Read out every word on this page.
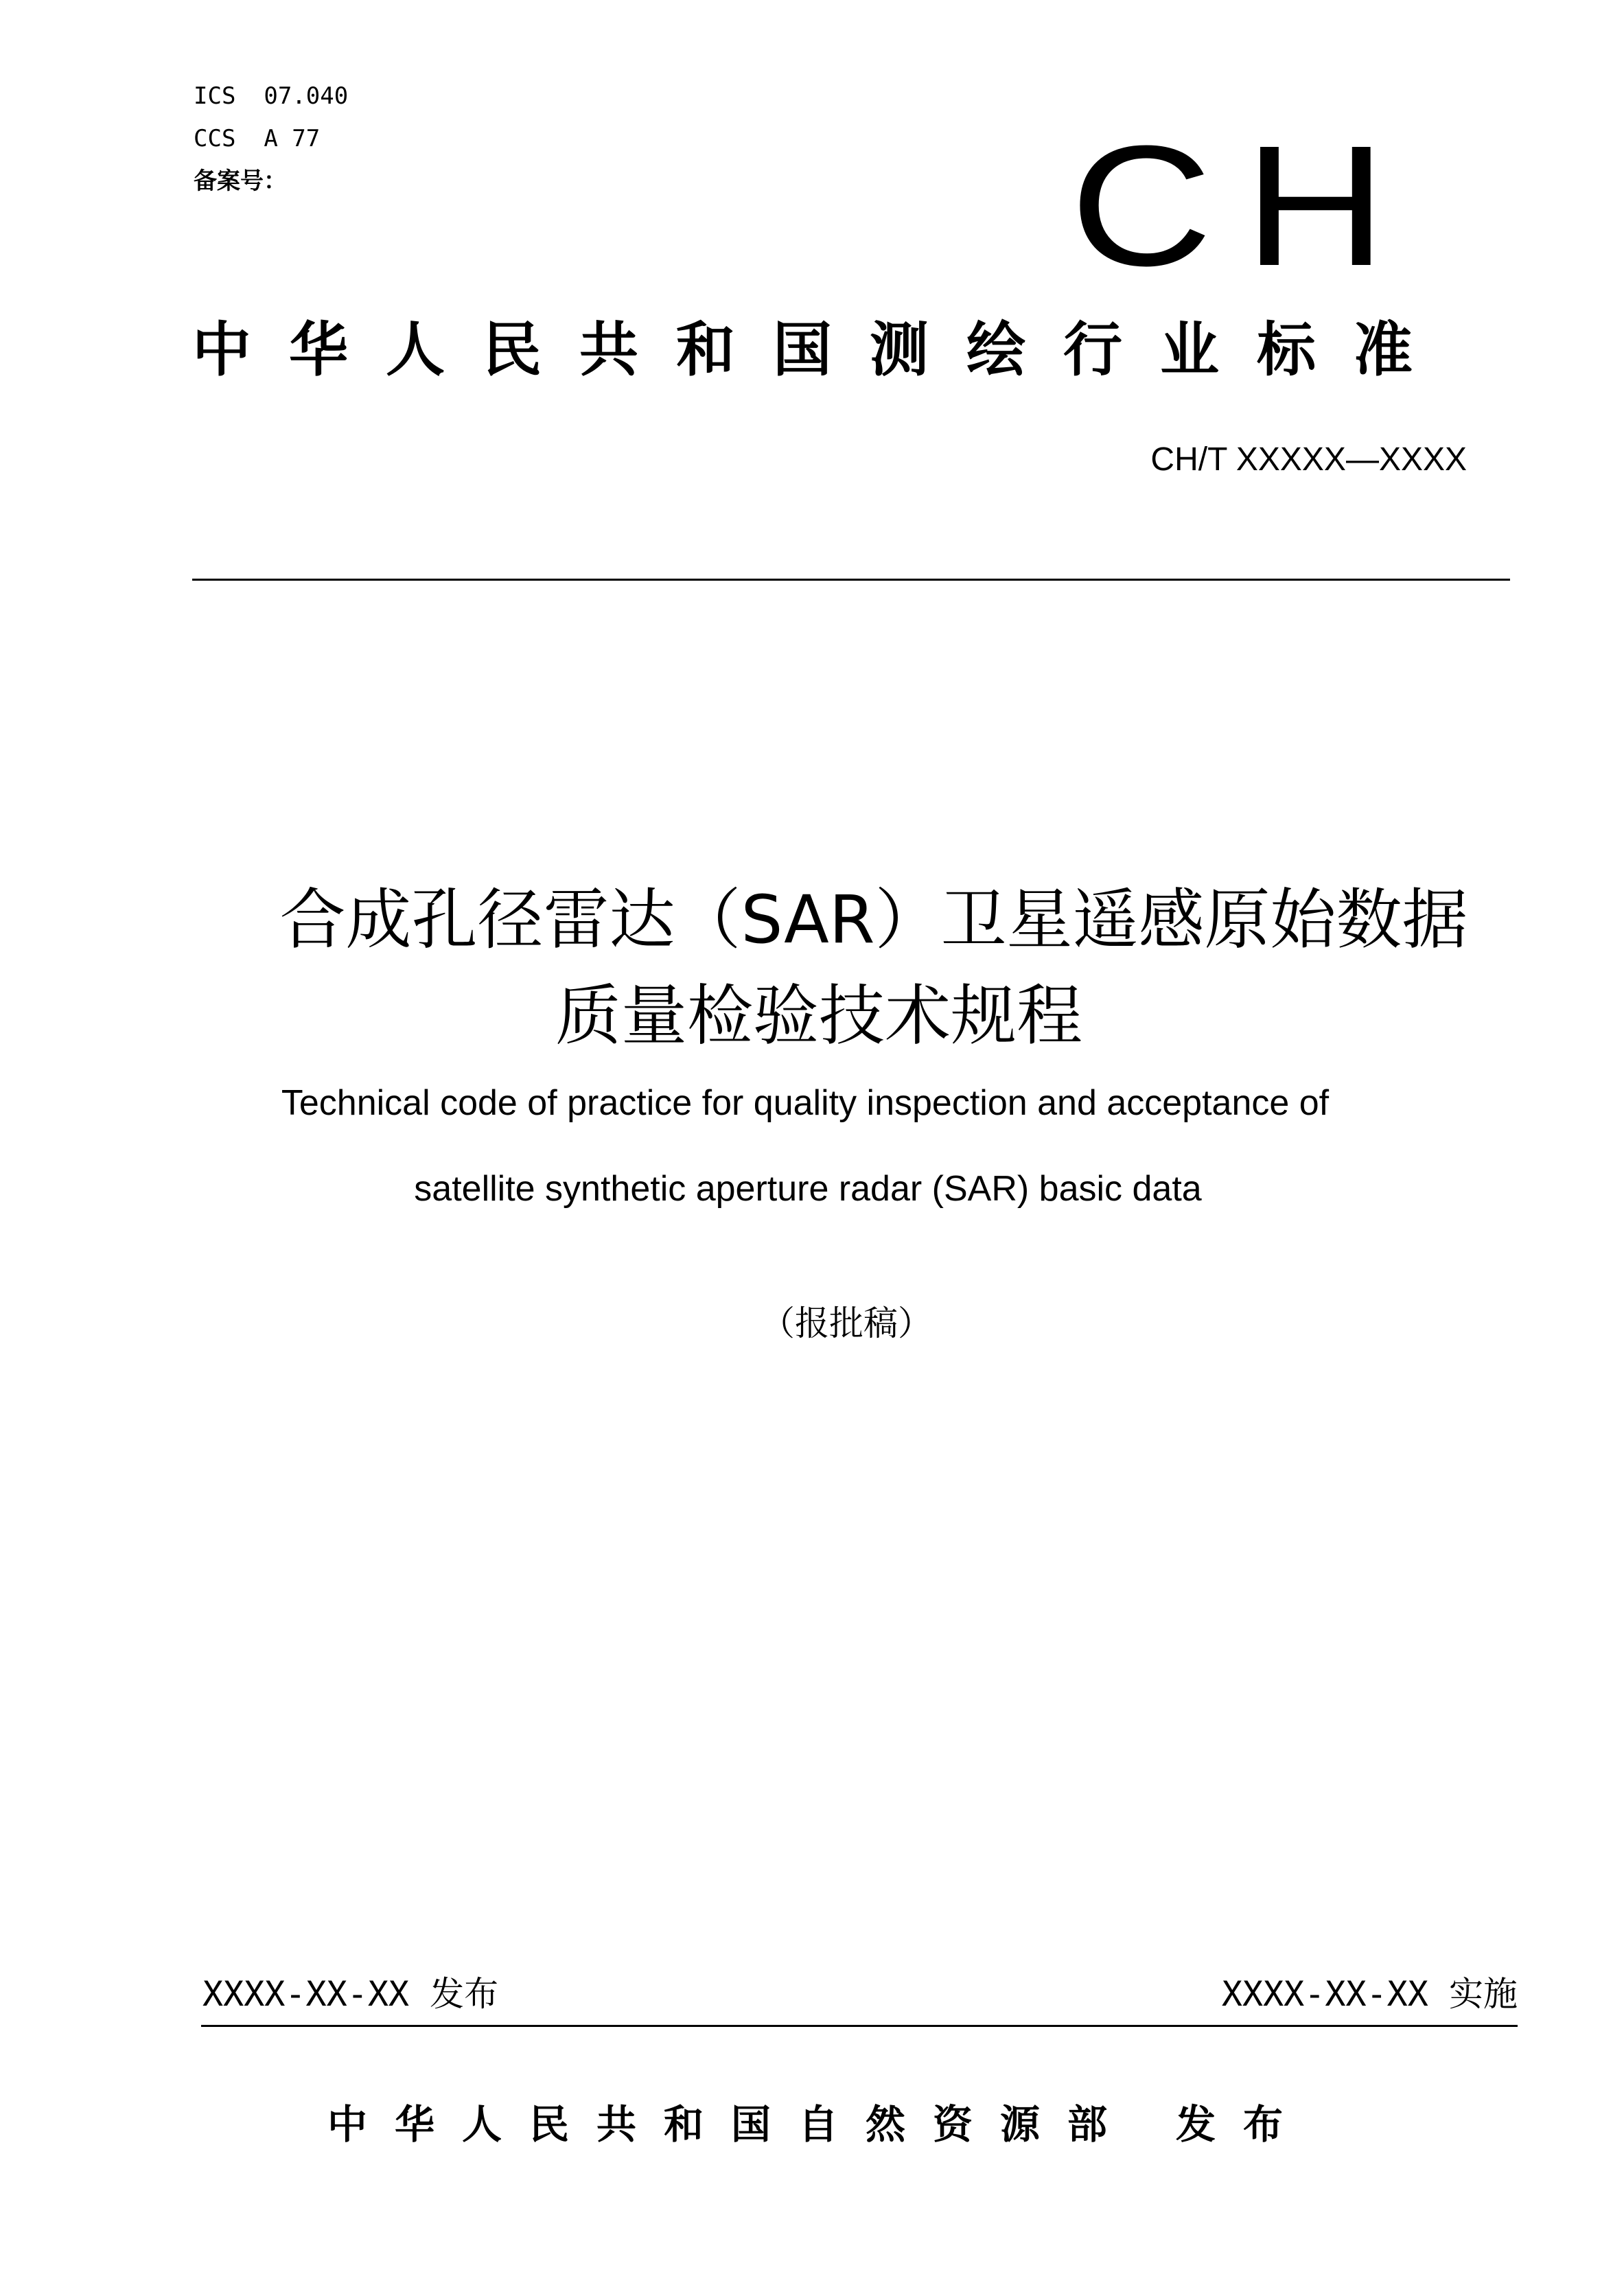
ICS  07.040
CCS  A 77
备案号：	CH
中华人民共和国测绘行业标准
CH/T XXXXX—XXXX
合成孔径雷达（SAR）卫星遥感原始数据
质量检验技术规程
Technical code of practice for quality inspection and acceptance of
satellite synthetic aperture radar (SAR) basic data
（报批稿）
XXXX-XX-XX 发布	XXXX-XX-XX 实施
中华人民共和国自然资源部 发布
